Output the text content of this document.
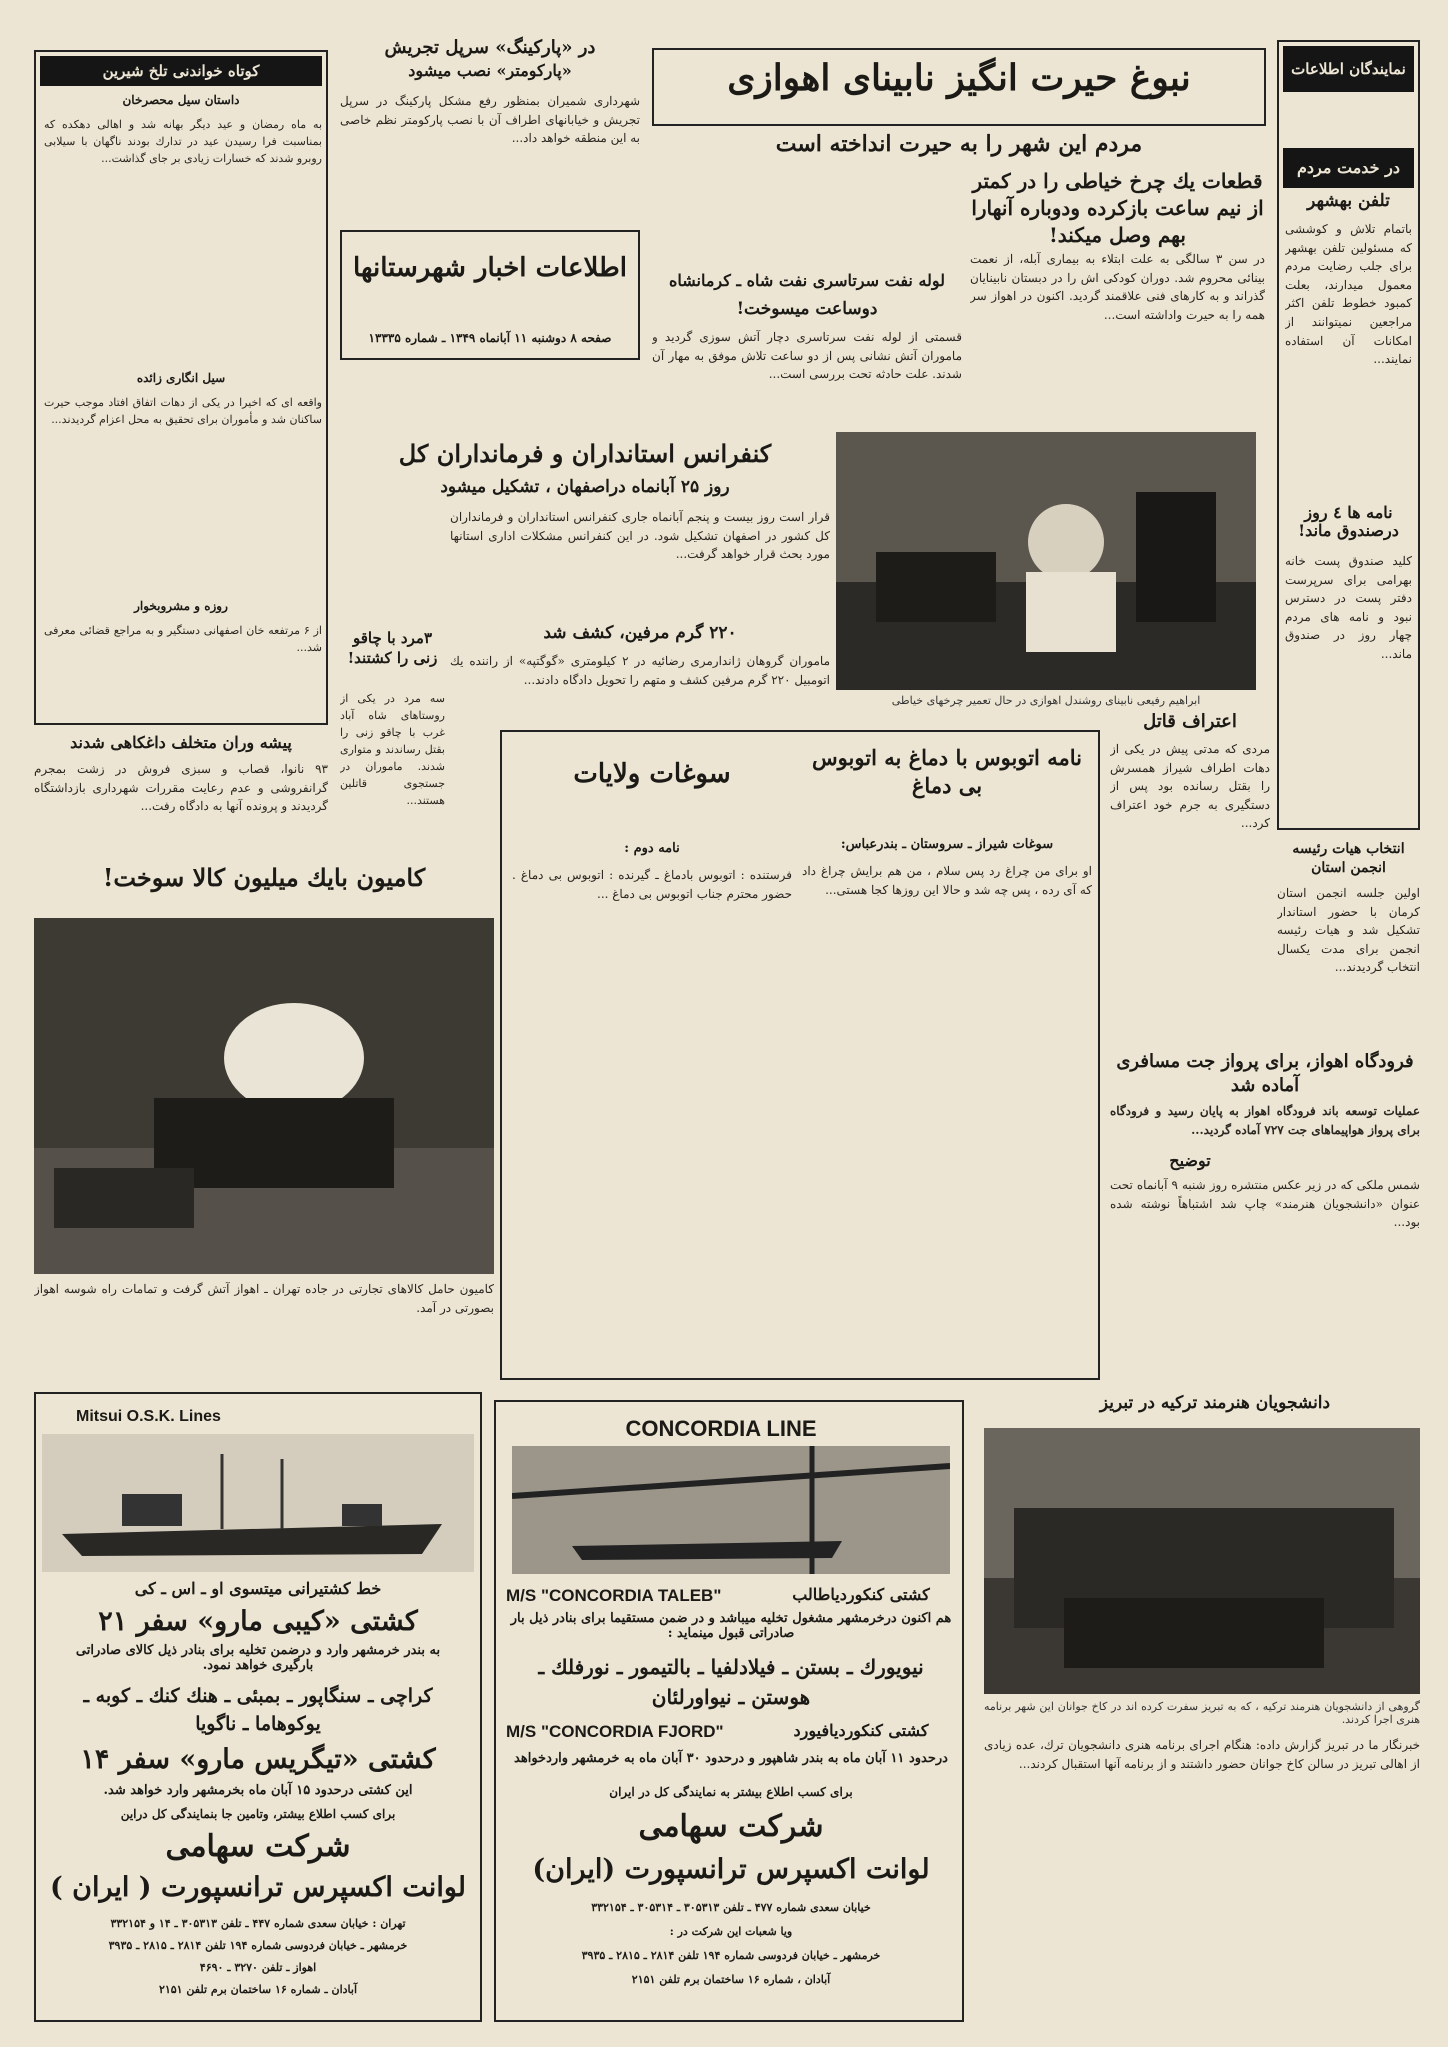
نمایندگان اطلاعات
در خدمت مردم
تلفن بهشهر
باتمام تلاش و كوششی كه مسئولین تلفن بهشهر برای جلب رضایت مردم معمول میدارند، بعلت كمبود خطوط تلفن اكثر مراجعین نمیتوانند از امكانات آن استفاده نمایند...
نامه ها ٤ روز درصندوق ماند!
كلید صندوق پست خانه بهرامی برای سرپرست دفتر پست در دسترس نبود و نامه های مردم چهار روز در صندوق ماند...
نبوغ حیرت انگیز نابینای اهوازی
مردم این شهر را به حیرت انداخته است
قطعات یك چرخ خیاطی را در كمتر از نیم ساعت بازكرده ودوباره آنهارا بهم وصل میكند!
در سن ۳ سالگی به علت ابتلاء به بیماری آبله، از نعمت بینائی محروم شد. دوران كودكی اش را در دبستان نابینایان گذراند و به كارهای فنی علاقمند گردید. اكنون در اهواز سر همه را به حیرت واداشته است...
ابراهیم رفیعی نابینای روشندل اهوازی در حال تعمیر چرخهای خیاطی
در «پاركینگ» سرپل تجریش
«پاركومتر» نصب میشود
شهرداری شمیران بمنظور رفع مشكل پاركینگ در سرپل تجریش و خیابانهای اطراف آن با نصب پاركومتر نظم خاصی به این منطقه خواهد داد...
اطلاعات اخبار شهرستانها
صفحه ۸ دوشنبه ۱۱ آبانماه ۱۳۴۹ ـ شماره ۱۳۳۳۵
لوله نفت سرتاسری نفت شاه ـ كرمانشاه
دوساعت میسوخت!
قسمتی از لوله نفت سرتاسری دچار آتش سوزی گردید و ماموران آتش نشانی پس از دو ساعت تلاش موفق به مهار آن شدند. علت حادثه تحت بررسی است...
كوتاه خواندنی تلخ شیرین
داستان سیل محصرخان
به ماه رمضان و عید دیگر بهانه شد و اهالی دهكده كه بمناسبت فرا رسیدن عید در تدارك بودند ناگهان با سیلابی روبرو شدند كه خسارات زیادی بر جای گذاشت...
سیل انگاری زائده
واقعه ای كه اخیرا در یكی از دهات اتفاق افتاد موجب حیرت ساكنان شد و مأموران برای تحقیق به محل اعزام گردیدند...
روزه و مشروبخوار
از ۶ مرتفعه خان اصفهانی دستگیر و به مراجع قضائی معرفی شد...
كنفرانس استانداران و فرمانداران كل
روز ۲۵ آبانماه دراصفهان ، تشكیل میشود
قرار است روز بیست و پنجم آبانماه جاری كنفرانس استانداران و فرمانداران كل كشور در اصفهان تشكیل شود. در این كنفرانس مشكلات اداری استانها مورد بحث قرار خواهد گرفت...
۲۲۰ گرم مرفین، كشف شد
ماموران گروهان ژاندارمری رضائیه در ۲ كیلومتری «گوگتپه» از راننده یك اتومبیل ۲۲۰ گرم مرفین كشف و متهم را تحویل دادگاه دادند...
۳مرد با چاقو زنی را كشتند!
سه مرد در یكی از روستاهای شاه آباد غرب با چاقو زنی را بقتل رساندند و متواری شدند. ماموران در جستجوی قاتلین هستند...
پیشه وران متخلف داغكاهی شدند
۹۳ نانوا، قصاب و سبزی فروش در زشت بمجرم گرانفروشی و عدم رعایت مقررات شهرداری بازداشتگاه گردیدند و پرونده آنها به دادگاه رفت...
كامیون بایك میلیون كالا سوخت!
كامیون حامل كالاهای تجارتی در جاده تهران ـ اهواز آتش گرفت و تمامات راه شوسه اهواز بصورتی در آمد.
نامه اتوبوس با دماغ به اتوبوس بی دماغ
سوغات ولایات
سوغات شیراز ـ سروستان ـ بندرعباس:
او برای من چراغ رد پس سلام ، من هم برایش چراغ داد كه آی رده ، پس چه شد و حالا این روزها كجا هستی...
نامه دوم :
فرستنده : اتوبوس بادماغ ـ گیرنده : اتوبوس بی دماغ . حضور محترم جناب اتوبوس بی دماغ ...
اعتراف قاتل
مردی كه مدتی پیش در یكی از دهات اطراف شیراز همسرش را بقتل رسانده بود پس از دستگیری به جرم خود اعتراف كرد...
انتخاب هیات رئیسه انجمن استان
اولین جلسه انجمن استان كرمان با حضور استاندار تشكیل شد و هیات رئیسه انجمن برای مدت یكسال انتخاب گردیدند...
فرودگاه اهواز، برای پرواز جت مسافری آماده شد
عملیات توسعه باند فرودگاه اهواز به پایان رسید و فرودگاه برای پرواز هواپیماهای جت ۷۲۷ آماده گردید...
توضیح
شمس ملكی كه در زیر عكس منتشره روز شنبه ۹ آبانماه تحت عنوان «دانشجویان هنرمند» چاپ شد اشتباهاً نوشته شده بود...
دانشجویان هنرمند تركیه در تبریز
گروهی از دانشجویان هنرمند تركیه ، كه به تبریز سفرت كرده اند در كاخ جوانان این شهر برنامه هنری اجرا كردند.
خبرنگار ما در تبریز گزارش داده: هنگام اجرای برنامه هنری دانشجویان ترك، عده زیادی از اهالی تبریز در سالن كاخ جوانان حضور داشتند و از برنامه آنها استقبال كردند...
Mitsui O.S.K. Lines
خط كشتیرانی میتسوی او ـ اس ـ كی
كشتی «كیبی مارو» سفر ۲۱
به بندر خرمشهر وارد و درضمن تخلیه برای بنادر ذیل كالای صادراتی بارگیری خواهد نمود.
كراچی ـ سنگاپور ـ بمبئی ـ هنك كنك ـ كوبه ـ
یوكوهاما ـ ناگویا
كشتی «تیگریس مارو» سفر ۱۴
این كشتی درحدود ۱۵ آبان ماه بخرمشهر وارد خواهد شد.
برای كسب اطلاع بیشتر، وتامین جا بنمایندگی كل دراین
شركت سهامی
لوانت اكسپرس ترانسپورت ( ایران )
تهران : خیابان سعدی شماره ۴۴۷ ـ تلفن ۳۰۵۳۱۳ ـ ۱۴ و ۳۳۲۱۵۴
خرمشهر ـ خیابان فردوسی شماره ۱۹۴ تلفن ۲۸۱۴ ـ ۲۸۱۵ ـ ۳۹۳۵
اهواز ـ تلفن ۳۲۷۰ ـ ۴۶۹۰
آبادان ـ شماره ۱۶ ساختمان برم تلفن ۲۱۵۱
CONCORDIA LINE
M/S "CONCORDIA TALEB"	كشتی كنكوردیاطالب
هم اكنون درخرمشهر مشغول تخلیه میباشد و در ضمن مستقیما برای بنادر ذیل بار صادراتی قبول مینماید :
نیویورك ـ بستن ـ فیلادلفیا ـ بالتیمور ـ نورفلك ـ
هوستن ـ نیواورلئان
M/S "CONCORDIA FJORD"	كشتی كنكوردیافیورد
درحدود ۱۱ آبان ماه به بندر شاهپور و درحدود ۳۰ آبان ماه به خرمشهر واردخواهد
برای كسب اطلاع بیشتر به نمایندگی كل در ایران
شركت سهامی
لوانت اكسپرس ترانسپورت (ایران)
خیابان سعدی شماره ۴۷۷ ـ تلفن ۳۰۵۳۱۳ ـ ۳۰۵۳۱۴ ـ ۳۳۲۱۵۴
ویا شعبات این شركت در :
خرمشهر ـ خیابان فردوسی شماره ۱۹۴ تلفن ۲۸۱۴ ـ ۲۸۱۵ ـ ۳۹۳۵
آبادان ، شماره ۱۶ ساختمان برم تلفن ۲۱۵۱
